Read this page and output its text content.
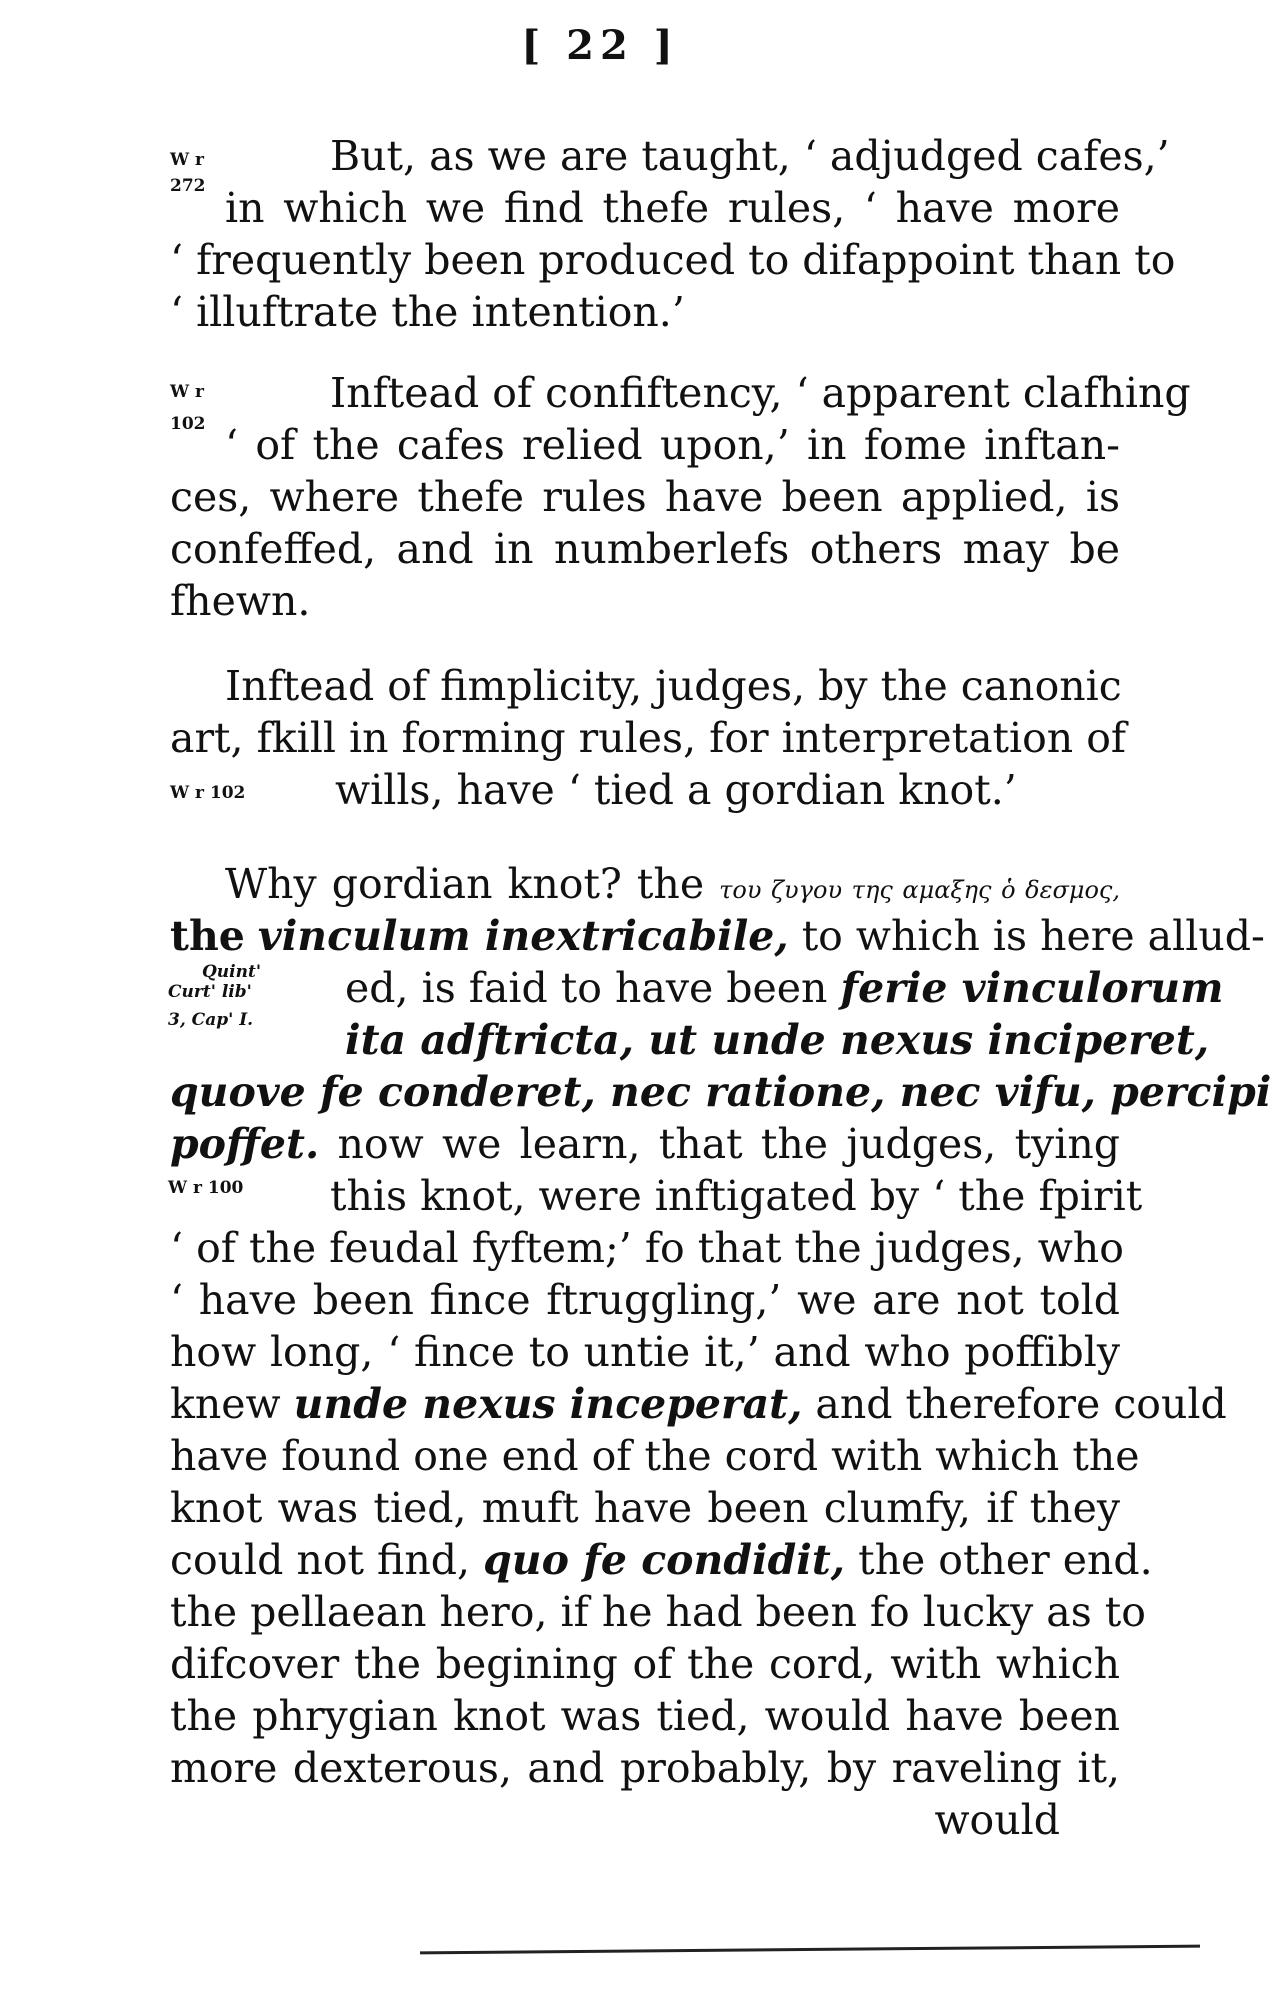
[ 22 ]
W r
272
W r
102
W r 102
Quint'
Curt' lib'
3, Cap' I.
W r 100
But, as we are taught, ‘ adjudged cafes,’
in which we find thefe rules, ‘ have more
‘ frequently been produced to difappoint than to
‘ illuftrate the intention.’
Inftead of confiftency, ‘ apparent clafhing
‘ of the cafes relied upon,’ in fome inftan-
ces, where thefe rules have been applied, is
confeffed, and in numberlefs others may be
fhewn.
Inftead of fimplicity, judges, by the canonic
art, fkill in forming rules, for interpretation of
wills, have ‘ tied a gordian knot.’
Why gordian knot? the του ζυγου της αμαξης ὁ δεσμος,
the vinculum inextricabile, to which is here allud-
ed, is faid to have been ferie vinculorum
ita adftricta, ut unde nexus inciperet,
quove fe conderet, nec ratione, nec vifu, percipi
poffet. now we learn, that the judges, tying
this knot, were inftigated by ‘ the fpirit
‘ of the feudal fyftem;’ fo that the judges, who
‘ have been fince ftruggling,’ we are not told
how long, ‘ fince to untie it,’ and who poffibly
knew unde nexus inceperat, and therefore could
have found one end of the cord with which the
knot was tied, muft have been clumfy, if they
could not find, quo fe condidit, the other end.
the pellaean hero, if he had been fo lucky as to
difcover the begining of the cord, with which
the phrygian knot was tied, would have been
more dexterous, and probably, by raveling it,
would
